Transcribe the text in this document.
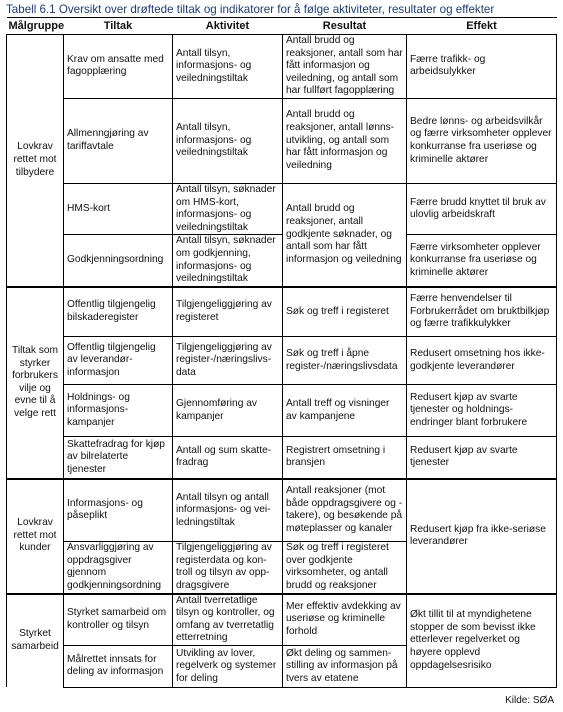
Tabell 6.1 Oversikt over drøftede tiltak og indikatorer for å følge aktiviteter, resultater og effekter
Målgruppe	Tiltak	Aktivitet	Resultat	Effekt
Lovkrav rettet mot tilbydere	Krav om ansatte med fagopplæring	Antall tilsyn, informasjons- og veiledningstiltak	Antall brudd og reaksjoner, antall som har fått informasjon og veiledning, og antall som har fullført fagopplæring	Færre trafikk- og arbeidsulykker
	Allmenngjøring av tariffavtale	Antall tilsyn, informasjons- og veiledningstiltak	Antall brudd og reaksjoner, antall lønns-utvikling, og antall som har fått informasjon og veiledning	Bedre lønns- og arbeidsvilkår og færre virksomheter opplever konkurranse fra useriøse og kriminelle aktører
	HMS-kort	Antall tilsyn, søknader om HMS-kort, informasjons- og veiledningstiltak	Antall brudd og reaksjoner, antall godkjente søknader, og antall som har fått informasjon og veiledning	Færre brudd knyttet til bruk av ulovlig arbeidskraft
	Godkjenningsordning	Antall tilsyn, søknader om godkjenning, informasjons- og veiledningstiltak		Færre virksomheter opplever konkurranse fra useriøse og kriminelle aktører
Tiltak som styrker forbrukers vilje og evne til å velge rett	Offentlig tilgjengelig bilskaderegister	Tilgjengeliggjøring av registeret	Søk og treff i registeret	Færre henvendelser til Forbrukerrådet om bruktbilkjøp og færre trafikkulykker
	Offentlig tilgjengelig av leverandør-informasjon	Tilgjengeliggjøring av register-/næringslivs-data	Søk og treff i åpne register-/næringslivsdata	Redusert omsetning hos ikke-godkjente leverandører
	Holdnings- og informasjons-kampanjer	Gjennomføring av kampanjer	Antall treff og visninger av kampanjene	Redusert kjøp av svarte tjenester og holdnings-endringer blant forbrukere
	Skattefradrag for kjøp av bilrelaterte tjenester	Antall og sum skatte-fradrag	Registrert omsetning i bransjen	Redusert kjøp av svarte tjenester
Lovkrav rettet mot kunder	Informasjons- og påseplikt	Antall tilsyn og antall informasjons- og vei-ledningstiltak	Antall reaksjoner (mot både oppdragsgivere og -takere), og besøkende på møteplasser og kanaler	Redusert kjøp fra ikke-seriøse leverandører
	Ansvarliggjøring av oppdragsgiver gjennom godkjenningsordning	Tilgjengeliggjøring av registerdata og kon-troll og tilsyn av opp-dragsgivere	Søk og treff i registeret over godkjente virksomheter, og antall brudd og reaksjoner	
Styrket samarbeid	Styrket samarbeid om kontroller og tilsyn	Antall tverretatlige tilsyn og kontroller, og omfang av tverretatlig etterretning	Mer effektiv avdekking av useriøse og kriminelle forhold	Økt tillit til at myndighetene stopper de som bevisst ikke etterlever regelverket og høyere opplevd oppdagelsesrisiko
	Målrettet innsats for deling av informasjon	Utvikling av lover, regelverk og systemer for deling	Økt deling og sammen-stilling av informasjon på tvers av etatene	
Kilde: SØA
